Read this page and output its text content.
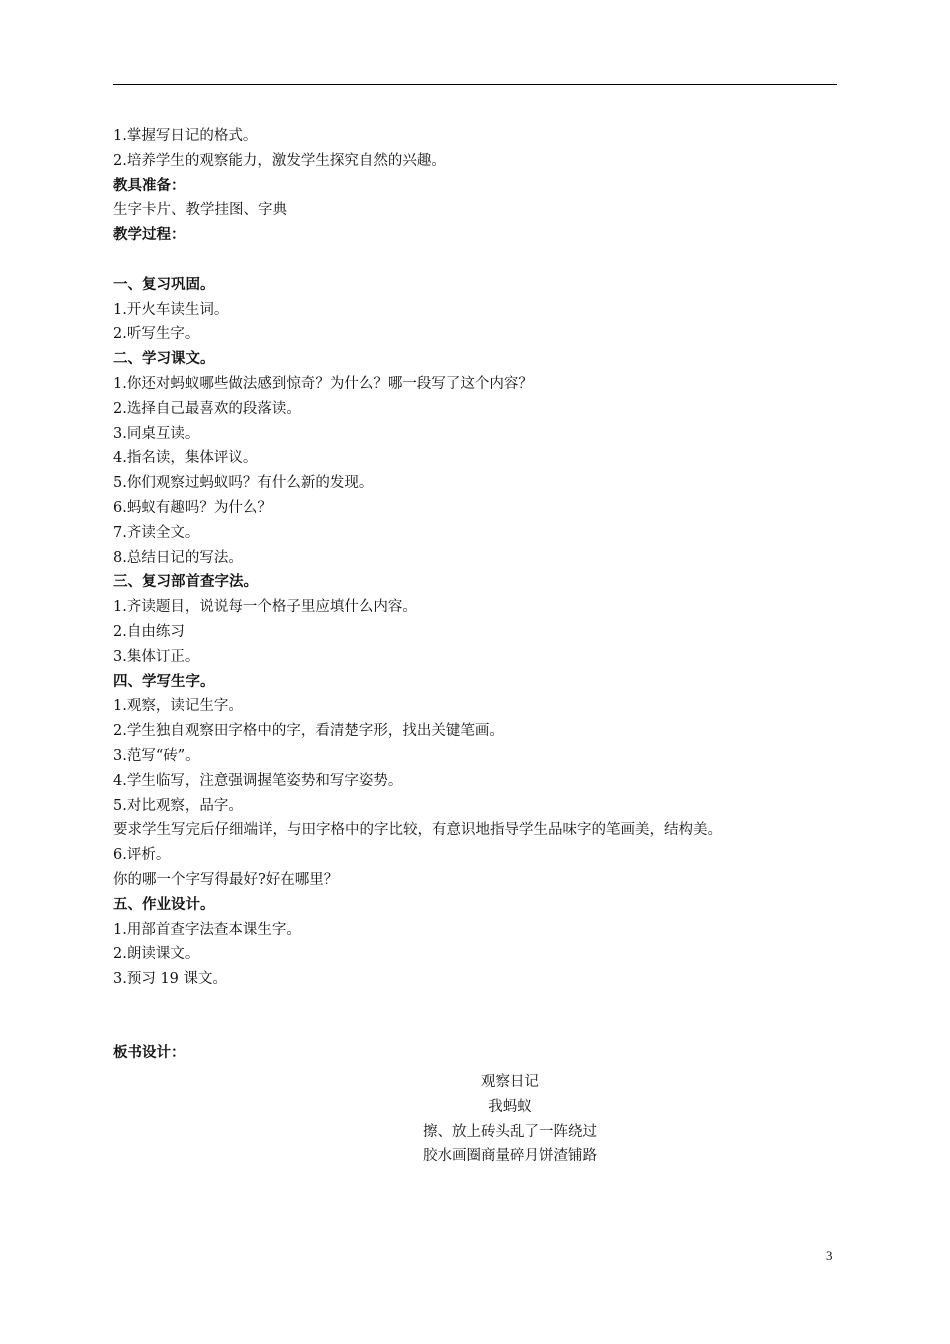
1.掌握写日记的格式。
2.培养学生的观察能力，激发学生探究自然的兴趣。
教具准备：
生字卡片、教学挂图、字典
教学过程：
一、复习巩固。
1.开火车读生词。
2.听写生字。
二、学习课文。
1.你还对蚂蚁哪些做法感到惊奇？为什么？哪一段写了这个内容？
2.选择自己最喜欢的段落读。
3.同桌互读。
4.指名读，集体评议。
5.你们观察过蚂蚁吗？有什么新的发现。
6.蚂蚁有趣吗？为什么？
7.齐读全文。
8.总结日记的写法。
三、复习部首查字法。
1.齐读题目，说说每一个格子里应填什么内容。
2.自由练习
3.集体订正。
四、学写生字。
1.观察，读记生字。
2.学生独自观察田字格中的字，看清楚字形，找出关键笔画。
3.范写“砖”。
4.学生临写，注意强调握笔姿势和写字姿势。
5.对比观察，品字。
要求学生写完后仔细端详，与田字格中的字比较，有意识地指导学生品味字的笔画美，结构美。
6.评析。
你的哪一个字写得最好?好在哪里？
五、作业设计。
1.用部首查字法查本课生字。
2.朗读课文。
3.预习 19 课文。
板书设计：
观察日记
我蚂蚁
擦、放上砖头乱了一阵绕过
胶水画圈商量碎月饼渣铺路
3
